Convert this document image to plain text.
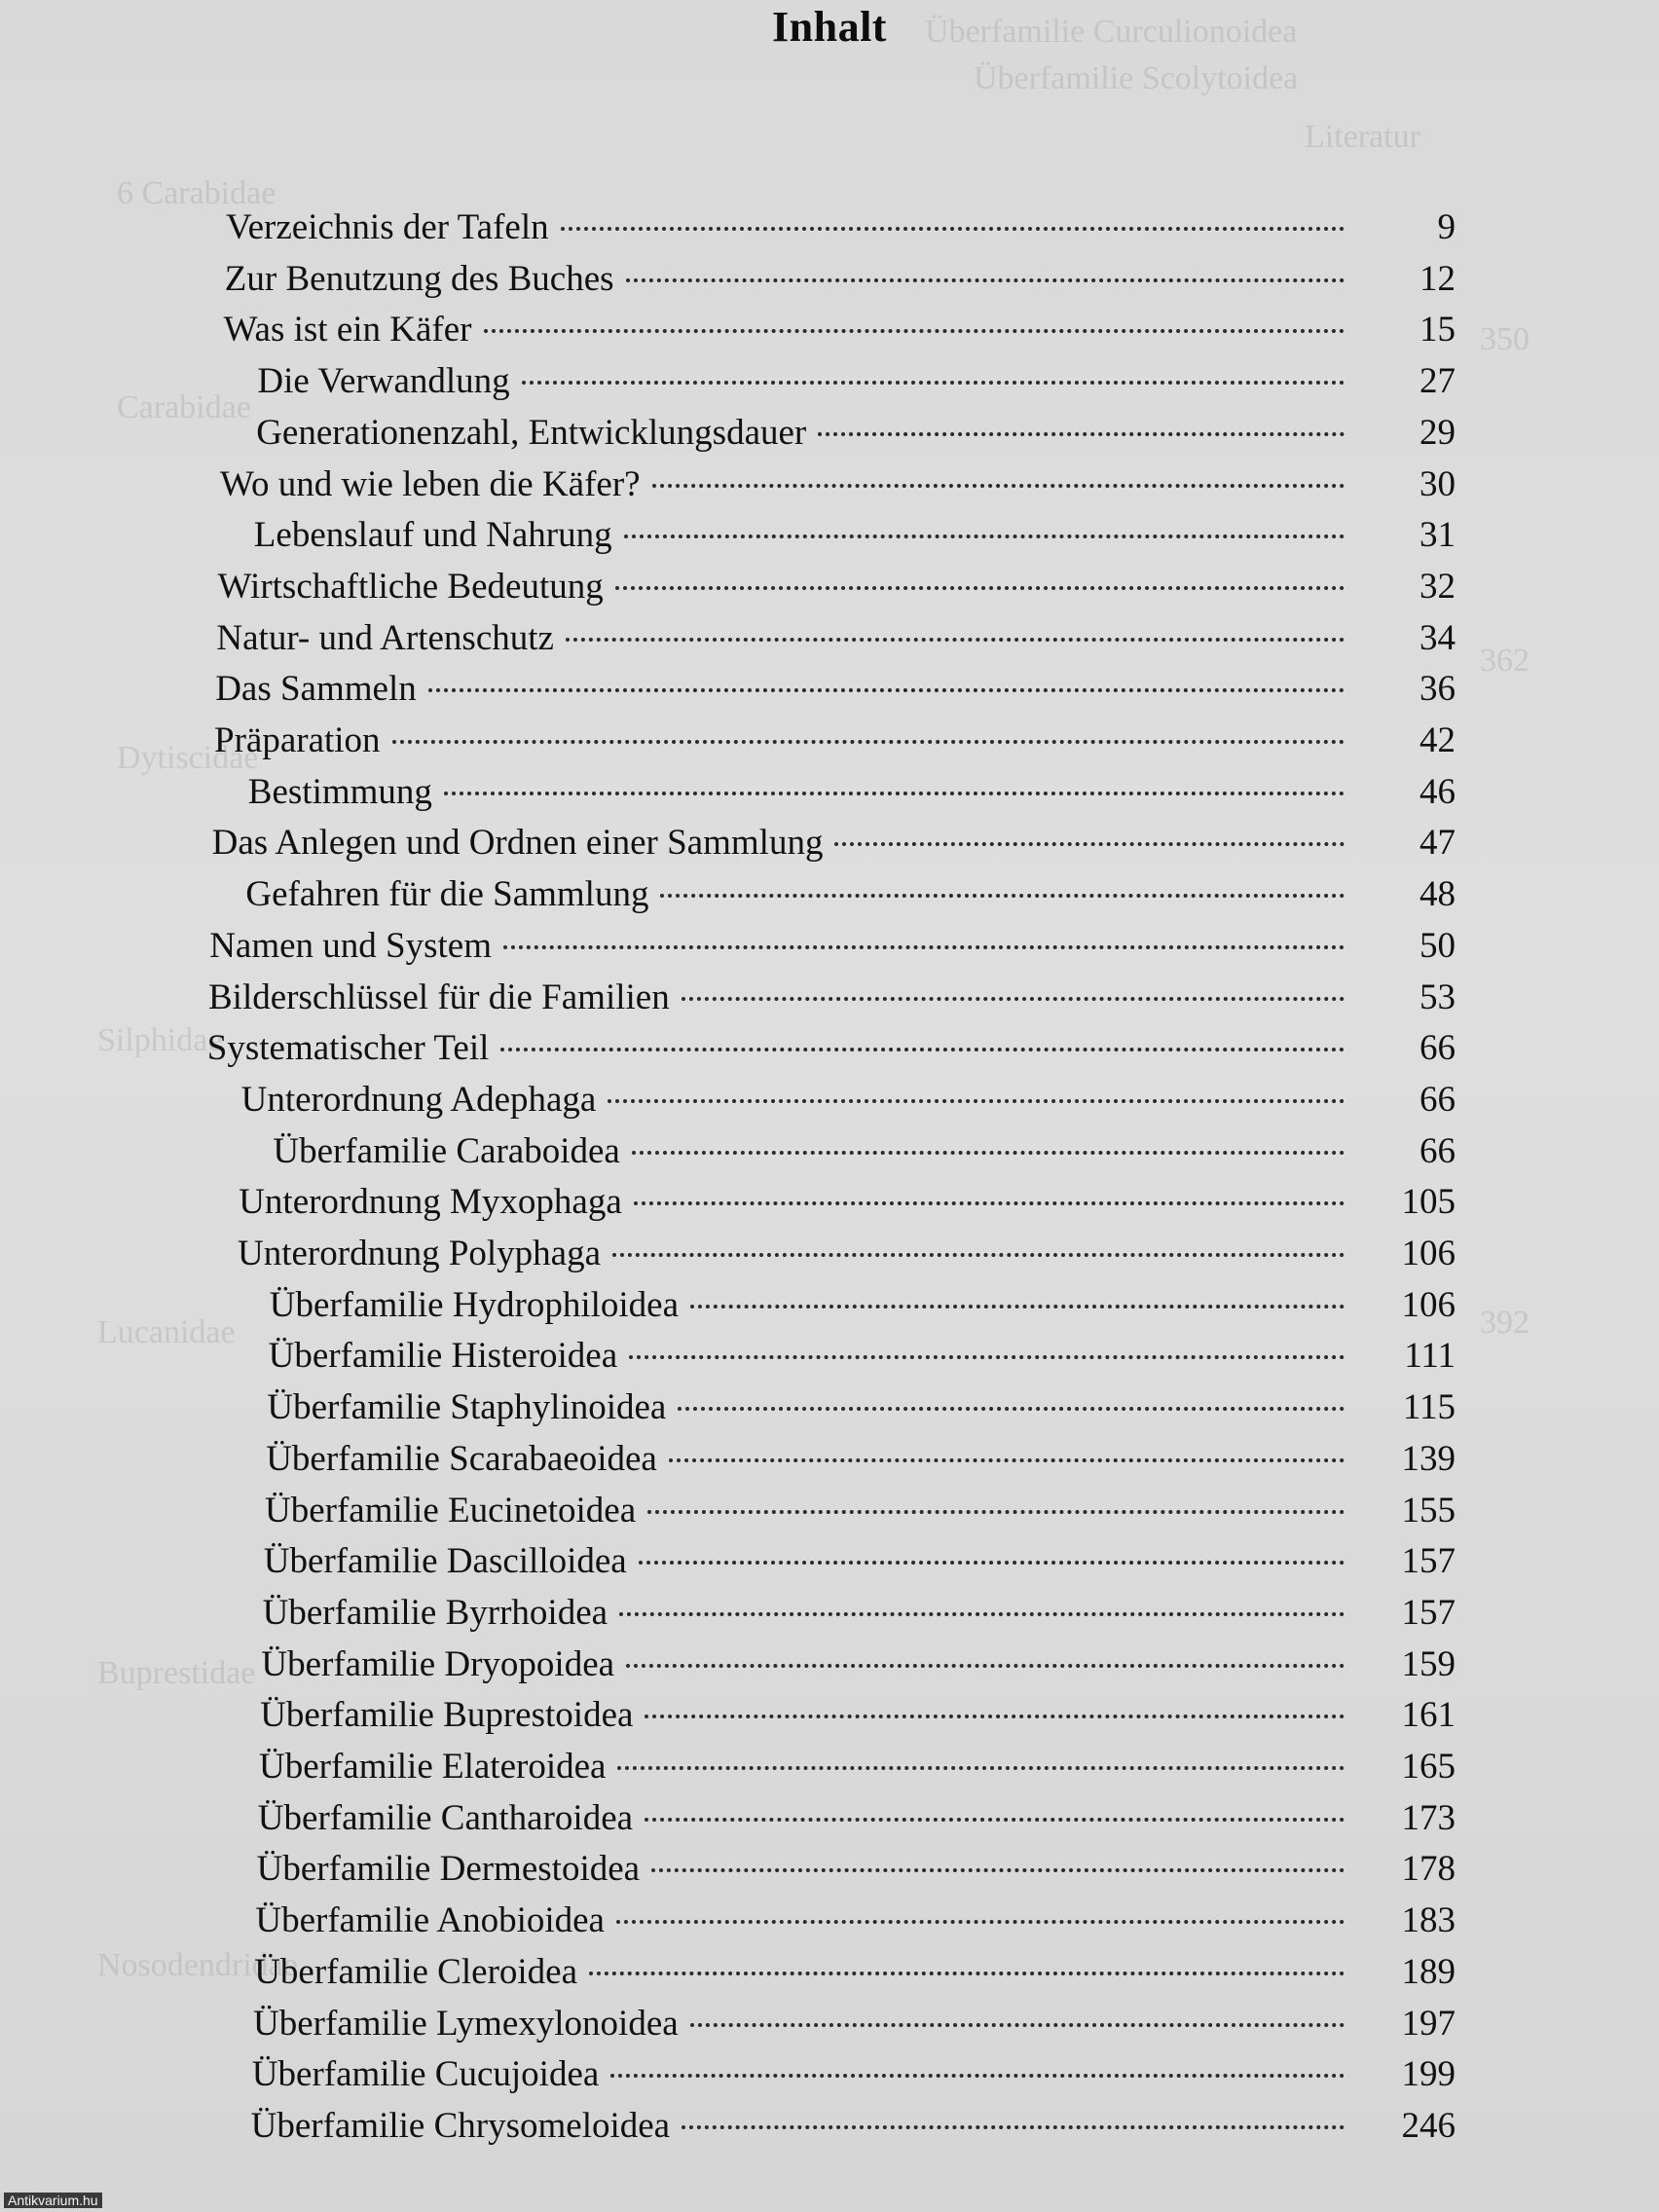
Überfamilie Curculionoidea
Überfamilie Scolytoidea
Literatur
6 Carabidae
Carabidae
Dytiscidae
Silphidae
Lucanidae
Buprestidae
Nosodendridae
350
362
392
Inhalt
Verzeichnis der Tafeln	9
Zur Benutzung des Buches	12
Was ist ein Käfer	15
Die Verwandlung	27
Generationenzahl, Entwicklungsdauer	29
Wo und wie leben die Käfer?	30
Lebenslauf und Nahrung	31
Wirtschaftliche Bedeutung	32
Natur- und Artenschutz	34
Das Sammeln	36
Präparation	42
Bestimmung	46
Das Anlegen und Ordnen einer Sammlung	47
Gefahren für die Sammlung	48
Namen und System	50
Bilderschlüssel für die Familien	53
Systematischer Teil	66
Unterordnung Adephaga	66
Überfamilie Caraboidea	66
Unterordnung Myxophaga	105
Unterordnung Polyphaga	106
Überfamilie Hydrophiloidea	106
Überfamilie Histeroidea	111
Überfamilie Staphylinoidea	115
Überfamilie Scarabaeoidea	139
Überfamilie Eucinetoidea	155
Überfamilie Dascilloidea	157
Überfamilie Byrrhoidea	157
Überfamilie Dryopoidea	159
Überfamilie Buprestoidea	161
Überfamilie Elateroidea	165
Überfamilie Cantharoidea	173
Überfamilie Dermestoidea	178
Überfamilie Anobioidea	183
Überfamilie Cleroidea	189
Überfamilie Lymexylonoidea	197
Überfamilie Cucujoidea	199
Überfamilie Chrysomeloidea	246
Antikvarium.hu
